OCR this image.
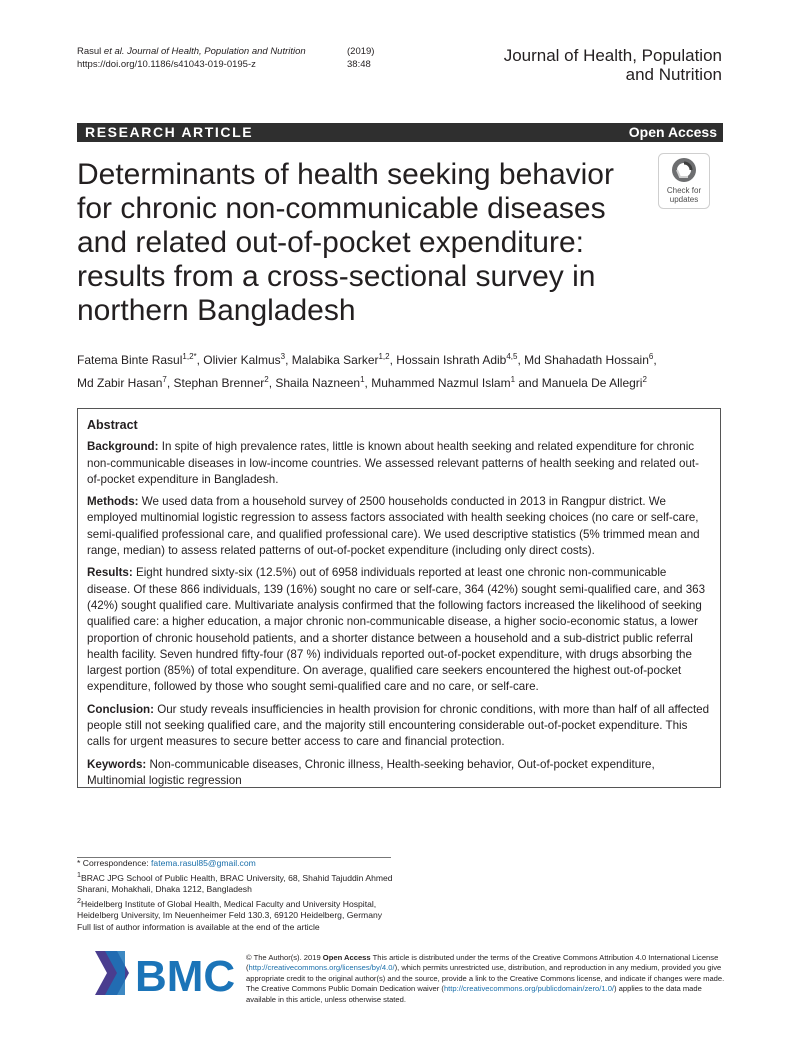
Rasul et al. Journal of Health, Population and Nutrition	(2019) 38:48
https://doi.org/10.1186/s41043-019-0195-z	Journal of Health, Population
and Nutrition
RESEARCH ARTICLE	Open Access
Determinants of health seeking behavior
for chronic non-communicable diseases
and related out-of-pocket expenditure:
results from a cross-sectional survey in
northern Bangladesh
Check for
updates
Fatema Binte Rasul$^{1,2*}$, Olivier Kalmus$^3$, Malabika Sarker$^{1,2}$, Hossain Ishrath Adib$^{4,5}$, Md Shahadath Hossain$^6$,
Md Zabir Hasan$^7$, Stephan Brenner$^2$, Shaila Nazneen$^1$, Muhammed Nazmul Islam$^1$ and Manuela De Allegri$^2$
Abstract

Background: In spite of high prevalence rates, little is known about health seeking and related expenditure for chronic non-communicable diseases in low-income countries. We assessed relevant patterns of health seeking and related out-of-pocket expenditure in Bangladesh.

Methods: We used data from a household survey of 2500 households conducted in 2013 in Rangpur district. We employed multinomial logistic regression to assess factors associated with health seeking choices (no care or self-care, semi-qualified professional care, and qualified professional care). We used descriptive statistics (5% trimmed mean and range, median) to assess related patterns of out-of-pocket expenditure (including only direct costs).

Results: Eight hundred sixty-six (12.5%) out of 6958 individuals reported at least one chronic non-communicable disease. Of these 866 individuals, 139 (16%) sought no care or self-care, 364 (42%) sought semi-qualified care, and 363 (42%) sought qualified care. Multivariate analysis confirmed that the following factors increased the likelihood of seeking qualified care: a higher education, a major chronic non-communicable disease, a higher socio-economic status, a lower proportion of chronic household patients, and a shorter distance between a household and a sub-district public referral health facility. Seven hundred fifty-four (87 %) individuals reported out-of-pocket expenditure, with drugs absorbing the largest portion (85%) of total expenditure. On average, qualified care seekers encountered the highest out-of-pocket expenditure, followed by those who sought semi-qualified care and no care, or self-care.

Conclusion: Our study reveals insufficiencies in health provision for chronic conditions, with more than half of all affected people still not seeking qualified care, and the majority still encountering considerable out-of-pocket expenditure. This calls for urgent measures to secure better access to care and financial protection.

Keywords: Non-communicable diseases, Chronic illness, Health-seeking behavior, Out-of-pocket expenditure, Multinomial logistic regression

* Correspondence: fatema.rasul85@gmail.com
$^1$BRAC JPG School of Public Health, BRAC University, 68, Shahid Tajuddin Ahmed Sharani, Mohakhali, Dhaka 1212, Bangladesh
$^2$Heidelberg Institute of Global Health, Medical Faculty and University Hospital, Heidelberg University, Im Neuenheimer Feld 130.3, 69120 Heidelberg, Germany
Full list of author information is available at the end of the article
BMC © The Author(s). 2019 Open Access This article is distributed under the terms of the Creative Commons Attribution 4.0 International License (http://creativecommons.org/licenses/by/4.0/), which permits unrestricted use, distribution, and reproduction in any medium, provided you give appropriate credit to the original author(s) and the source, provide a link to the Creative Commons license, and indicate if changes were made. The Creative Commons Public Domain Dedication waiver (http://creativecommons.org/publicdomain/zero/1.0/) applies to the data made available in this article, unless otherwise stated.
